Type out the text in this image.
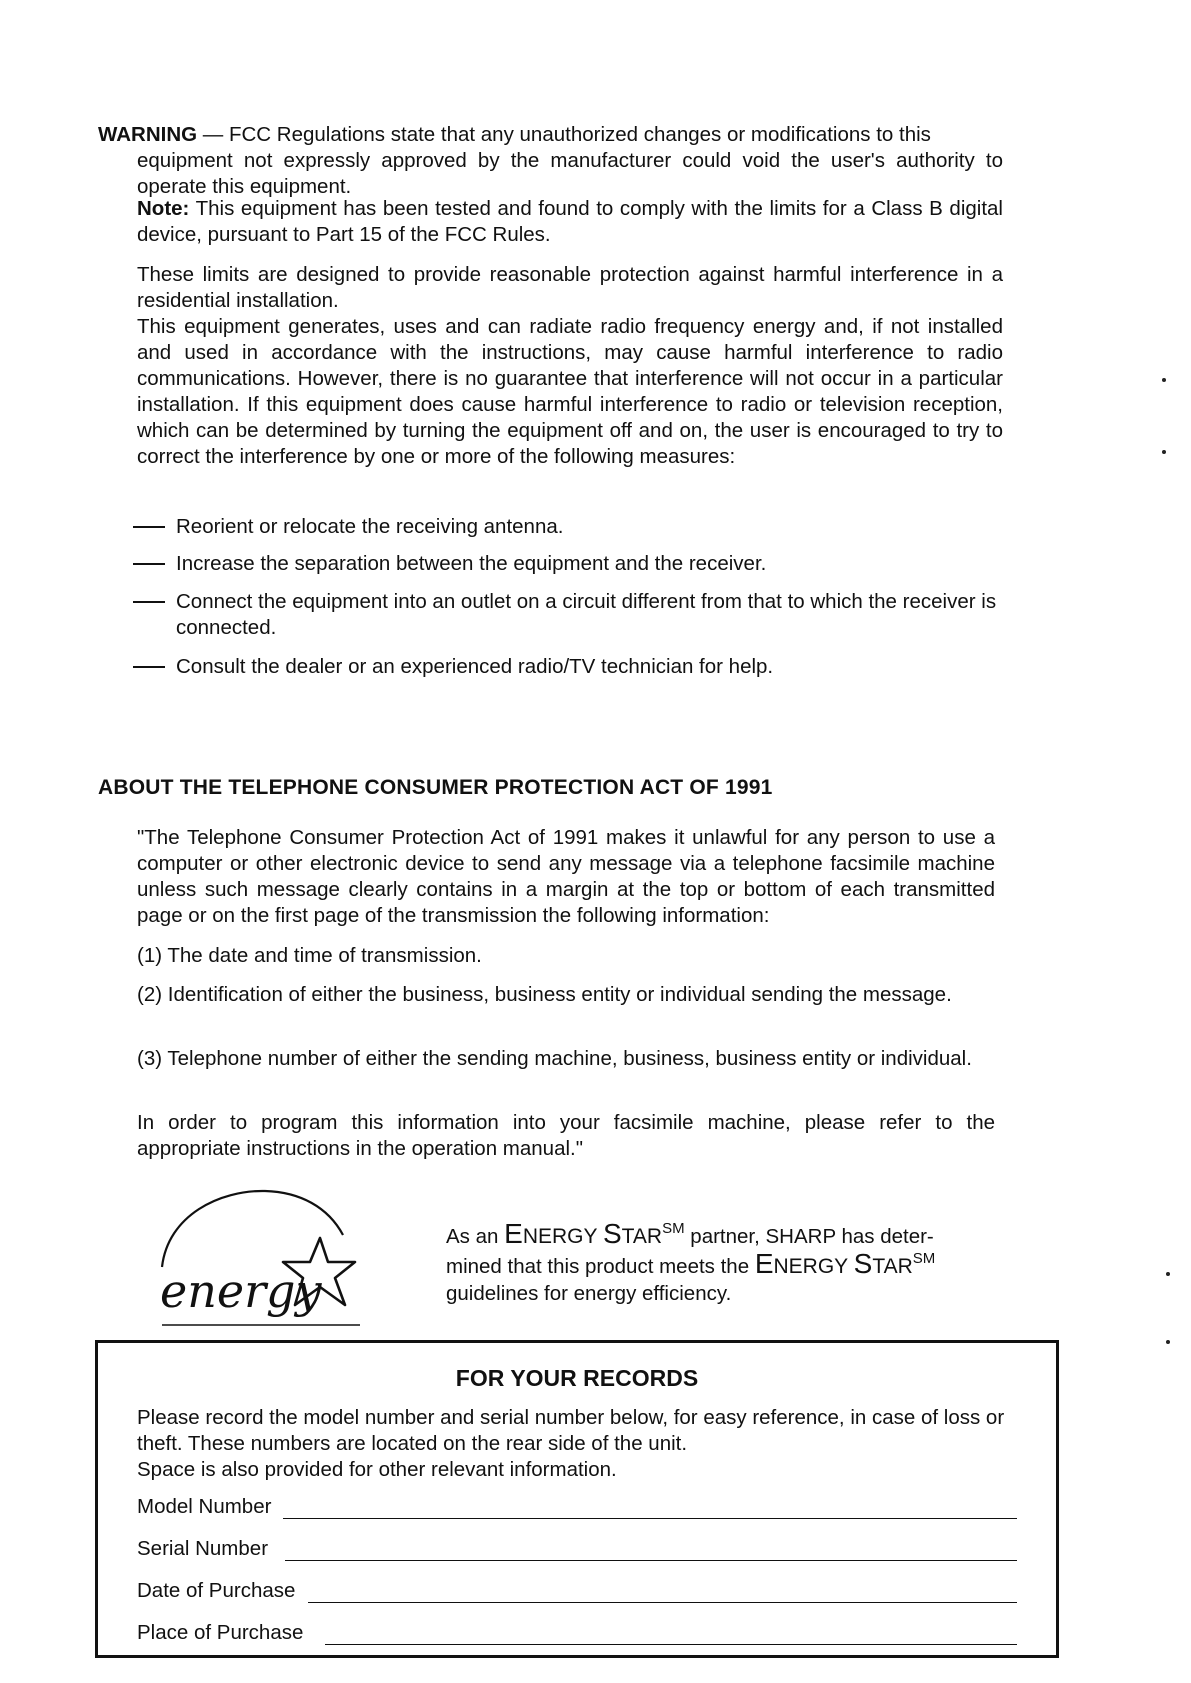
WARNING — FCC Regulations state that any unauthorized changes or modifications to this
equipment not expressly approved by the manufacturer could void the user's authority to operate this equipment.

Note: This equipment has been tested and found to comply with the limits for a Class B digital device, pursuant to Part 15 of the FCC Rules.

These limits are designed to provide reasonable protection against harmful interference in a residential installation.

This equipment generates, uses and can radiate radio frequency energy and, if not installed and used in accordance with the instructions, may cause harmful interference to radio communications. However, there is no guarantee that interference will not occur in a particular installation. If this equipment does cause harmful interference to radio or television reception, which can be determined by turning the equipment off and on, the user is encouraged to try to correct the interference by one or more of the following measures:

Reorient or relocate the receiving antenna.
Increase the separation between the equipment and the receiver.
Connect the equipment into an outlet on a circuit different from that to which the receiver is connected.
Consult the dealer or an experienced radio/TV technician for help.
ABOUT THE TELEPHONE CONSUMER PROTECTION ACT OF 1991

"The Telephone Consumer Protection Act of 1991 makes it unlawful for any person to use a computer or other electronic device to send any message via a telephone facsimile machine unless such message clearly contains in a margin at the top or bottom of each transmitted page or on the first page of the transmission the following information:

(1) The date and time of transmission.

(2) Identification of either the business, business entity or individual sending the message.

(3) Telephone number of either the sending machine, business, business entity or individual.

In order to program this information into your facsimile machine, please refer to the appropriate instructions in the operation manual."

energy
As an ENERGY STAR℠ partner, SHARP has deter-
mined that this product meets the ENERGY STAR℠
guidelines for energy efficiency.
FOR YOUR RECORDS

Please record the model number and serial number below, for easy reference, in case of loss or theft. These numbers are located on the rear side of the unit.
Space is also provided for other relevant information.

Model Number
Serial Number
Date of Purchase
Place of Purchase
